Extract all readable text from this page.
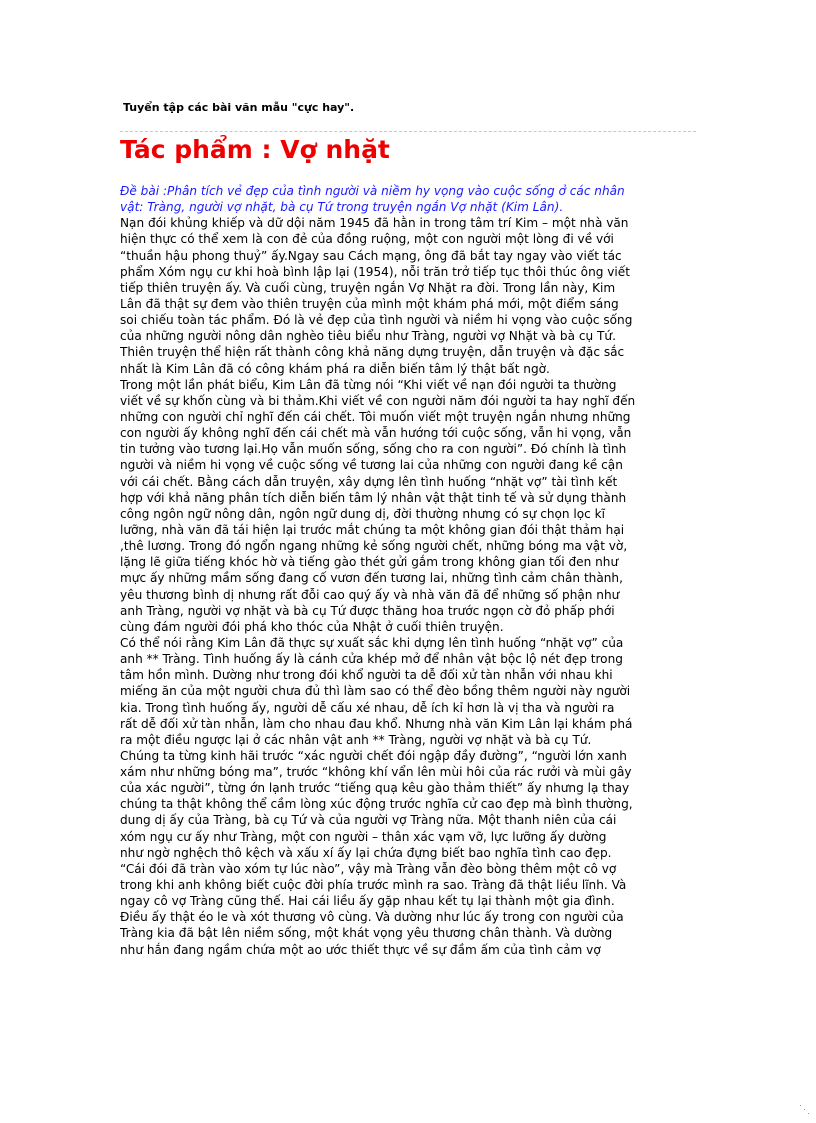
Tuyển tập các bài văn mẫu "cực hay".
Tác phẩm : Vợ nhặt
Đề bài :Phân tích vẻ đẹp của tình người và niềm hy vọng vào cuộc sống ở các nhân
vật: Tràng, người vợ nhặt, bà cụ Tứ trong truyện ngắn Vợ nhặt (Kim Lân).
Nạn đói khủng khiếp và dữ dội năm 1945 đã hằn in trong tâm trí Kim – một nhà văn
hiện thực có thể xem là con đẻ của đồng ruộng, một con người một lòng đi về với
“thuần hậu phong thuỷ” ấy.Ngay sau Cách mạng, ông đã bắt tay ngay vào viết tác
phẩm Xóm ngụ cư khi hoà bình lập lại (1954), nỗi trăn trở tiếp tục thôi thúc ông viết
tiếp thiên truyện ấy. Và cuối cùng, truyện ngắn Vợ Nhặt ra đời. Trong lần này, Kim
Lân đã thật sự đem vào thiên truyện của mình một khám phá mới, một điểm sáng
soi chiếu toàn tác phẩm. Đó là vẻ đẹp của tình người và niềm hi vọng vào cuộc sống
của những người nông dân nghèo tiêu biểu như Tràng, người vợ Nhặt và bà cụ Tứ.
Thiên truyện thể hiện rất thành công khả năng dựng truyện, dẫn truyện và đặc sắc
nhất là Kim Lân đã có công khám phá ra diễn biến tâm lý thật bất ngờ.
Trong một lần phát biểu, Kim Lân đã từng nói “Khi viết về nạn đói người ta thường
viết về sự khốn cùng và bi thảm.Khi viết về con người năm đói người ta hay nghĩ đến
những con người chỉ nghĩ đến cái chết. Tôi muốn viết một truyện ngắn nhưng những
con người ấy không nghĩ đến cái chết mà vẫn hướng tới cuộc sống, vẫn hi vọng, vẫn
tin tưởng vào tương lại.Họ vẫn muốn sống, sống cho ra con người”. Đó chính là tình
người và niềm hi vọng về cuộc sống về tương lai của những con người đang kề cận
với cái chết. Bằng cách dẫn truyện, xây dựng lên tình huống “nhặt vợ” tài tình kết
hợp với khả năng phân tích diễn biến tâm lý nhân vật thật tinh tế và sử dụng thành
công ngôn ngữ nông dân, ngôn ngữ dung dị, đời thường nhưng có sự chọn lọc kĩ
lưỡng, nhà văn đã tái hiện lại trước mắt chúng ta một không gian đói thật thảm hại
,thê lương. Trong đó ngổn ngang những kẻ sống người chết, những bóng ma vật vờ,
lặng lẽ giữa tiếng khóc hờ và tiếng gào thét gửi gắm trong không gian tối đen như
mực ấy những mầm sống đang cố vươn đến tương lai, những tình cảm chân thành,
yêu thương bình dị nhưng rất đỗi cao quý ấy và nhà văn đã để những số phận như
anh Tràng, người vợ nhặt và bà cụ Tứ được thăng hoa trước ngọn cờ đỏ phấp phới
cùng đám người đói phá kho thóc của Nhật ở cuối thiên truyện.
Có thể nói rằng Kim Lân đã thực sự xuất sắc khi dựng lên tình huống “nhặt vợ” của
anh ** Tràng. Tình huống ấy là cánh cửa khép mở để nhân vật bộc lộ nét đẹp trong
tâm hồn mình. Dường như trong đói khổ người ta dễ đối xử tàn nhẫn với nhau khi
miếng ăn của một người chưa đủ thì làm sao có thể đèo bồng thêm người này người
kia. Trong tình huống ấy, người dễ cấu xé nhau, dễ ích kỉ hơn là vị tha và người ra
rất dễ đối xử tàn nhẫn, làm cho nhau đau khổ. Nhưng nhà văn Kim Lân lại khám phá
ra một điều ngược lại ở các nhân vật anh ** Tràng, người vợ nhặt và bà cụ Tứ.
Chúng ta từng kinh hãi trước “xác người chết đói ngập đầy đường”, “người lớn xanh
xám như những bóng ma”, trước “không khí vẩn lên mùi hôi của rác rưởi và mùi gây
của xác người”, từng ớn lạnh trước “tiếng quạ kêu gào thảm thiết” ấy nhưng lạ thay
chúng ta thật không thể cầm lòng xúc động trước nghĩa cử cao đẹp mà bình thường,
dung dị ấy của Tràng, bà cụ Tứ và của người vợ Tràng nữa. Một thanh niên của cái
xóm ngụ cư ấy như Tràng, một con người – thân xác vạm vỡ, lực lưỡng ấy dường
như ngờ nghệch thô kệch và xấu xí ấy lại chứa đựng biết bao nghĩa tình cao đẹp.
“Cái đói đã tràn vào xóm tự lúc nào”, vậy mà Tràng vẫn đèo bòng thêm một cô vợ
trong khi anh không biết cuộc đời phía trước mình ra sao. Tràng đã thật liều lĩnh. Và
ngay cô vợ Tràng cũng thế. Hai cái liều ấy gặp nhau kết tụ lại thành một gia đình.
Điều ấy thật éo le và xót thương vô cùng. Và dường như lúc ấy trong con người của
Tràng kia đã bật lên niềm sống, một khát vọng yêu thương chân thành. Và dường
như hắn đang ngầm chứa một ao ước thiết thực về sự đầm ấm của tình cảm vợ
